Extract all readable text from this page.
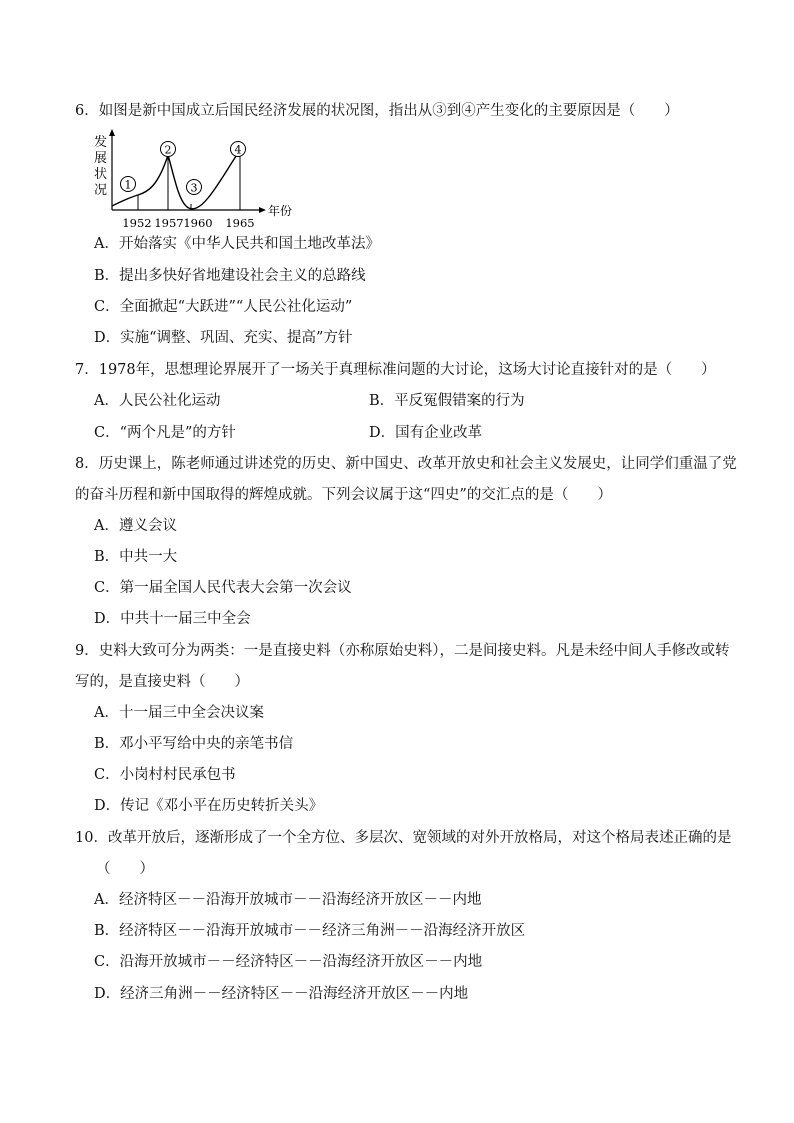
6．如图是新中国成立后国民经济发展的状况图，指出从③到④产生变化的主要原因是（　　）
发
展
状
况
年份
1
2
3
4
1952 1957 1960 1965
A．开始落实《中华人民共和国土地改革法》
B．提出多快好省地建设社会主义的总路线
C．全面掀起“大跃进”“人民公社化运动”
D．实施“调整、巩固、充实、提高”方针
7．1978年，思想理论界展开了一场关于真理标准问题的大讨论，这场大讨论直接针对的是（　　）
A．人民公社化运动	B．平反冤假错案的行为
C．“两个凡是”的方针	D．国有企业改革
8．历史课上，陈老师通过讲述党的历史、新中国史、改革开放史和社会主义发展史，让同学们重温了党
的奋斗历程和新中国取得的辉煌成就。下列会议属于这“四史”的交汇点的是（　　）
A．遵义会议
B．中共一大
C．第一届全国人民代表大会第一次会议
D．中共十一届三中全会
9．史料大致可分为两类：一是直接史料（亦称原始史料），二是间接史料。凡是未经中间人手修改或转
写的，是直接史料（　　）
A．十一届三中全会决议案
B．邓小平写给中央的亲笔书信
C．小岗村村民承包书
D．传记《邓小平在历史转折关头》
10．改革开放后，逐渐形成了一个全方位、多层次、宽领域的对外开放格局，对这个格局表述正确的是
（　　）
A．经济特区－－沿海开放城市－－沿海经济开放区－－内地
B．经济特区－－沿海开放城市－－经济三角洲－－沿海经济开放区
C．沿海开放城市－－经济特区－－沿海经济开放区－－内地
D．经济三角洲－－经济特区－－沿海经济开放区－－内地
